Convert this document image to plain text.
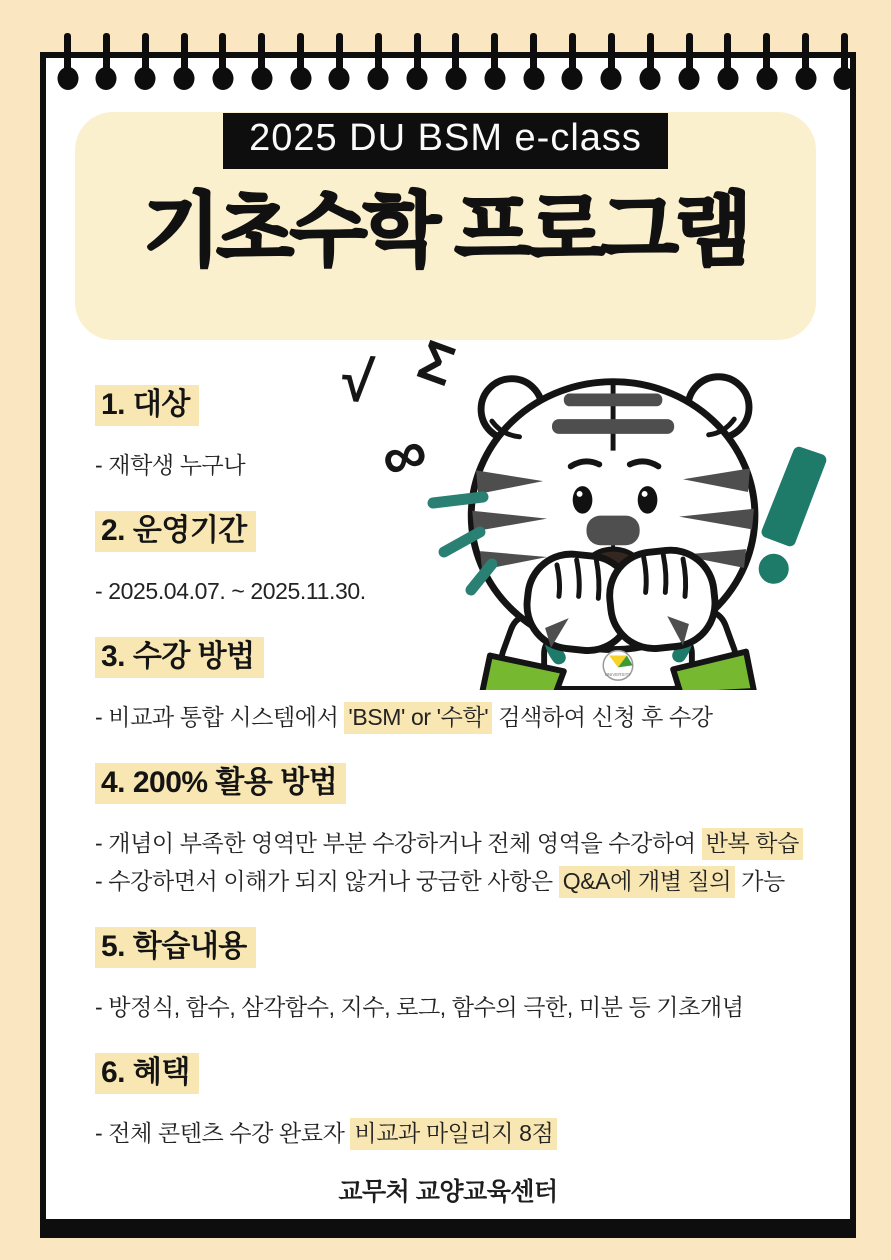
2025 DU BSM e-class
기초수학 프로그램
√ Σ
∞
UNIVERSITY
1. 대상
- 재학생 누구나
2. 운영기간
- 2025.04.07. ~ 2025.11.30.
3. 수강 방법
- 비교과 통합 시스템에서 'BSM' or '수학' 검색하여 신청 후 수강
4. 200% 활용 방법
- 개념이 부족한 영역만 부분 수강하거나 전체 영역을 수강하여 반복 학습
- 수강하면서 이해가 되지 않거나 궁금한 사항은 Q&A에 개별 질의 가능
5. 학습내용
- 방정식, 함수, 삼각함수, 지수, 로그, 함수의 극한, 미분 등 기초개념
6. 혜택
- 전체 콘텐츠 수강 완료자 비교과 마일리지 8점
교무처 교양교육센터
